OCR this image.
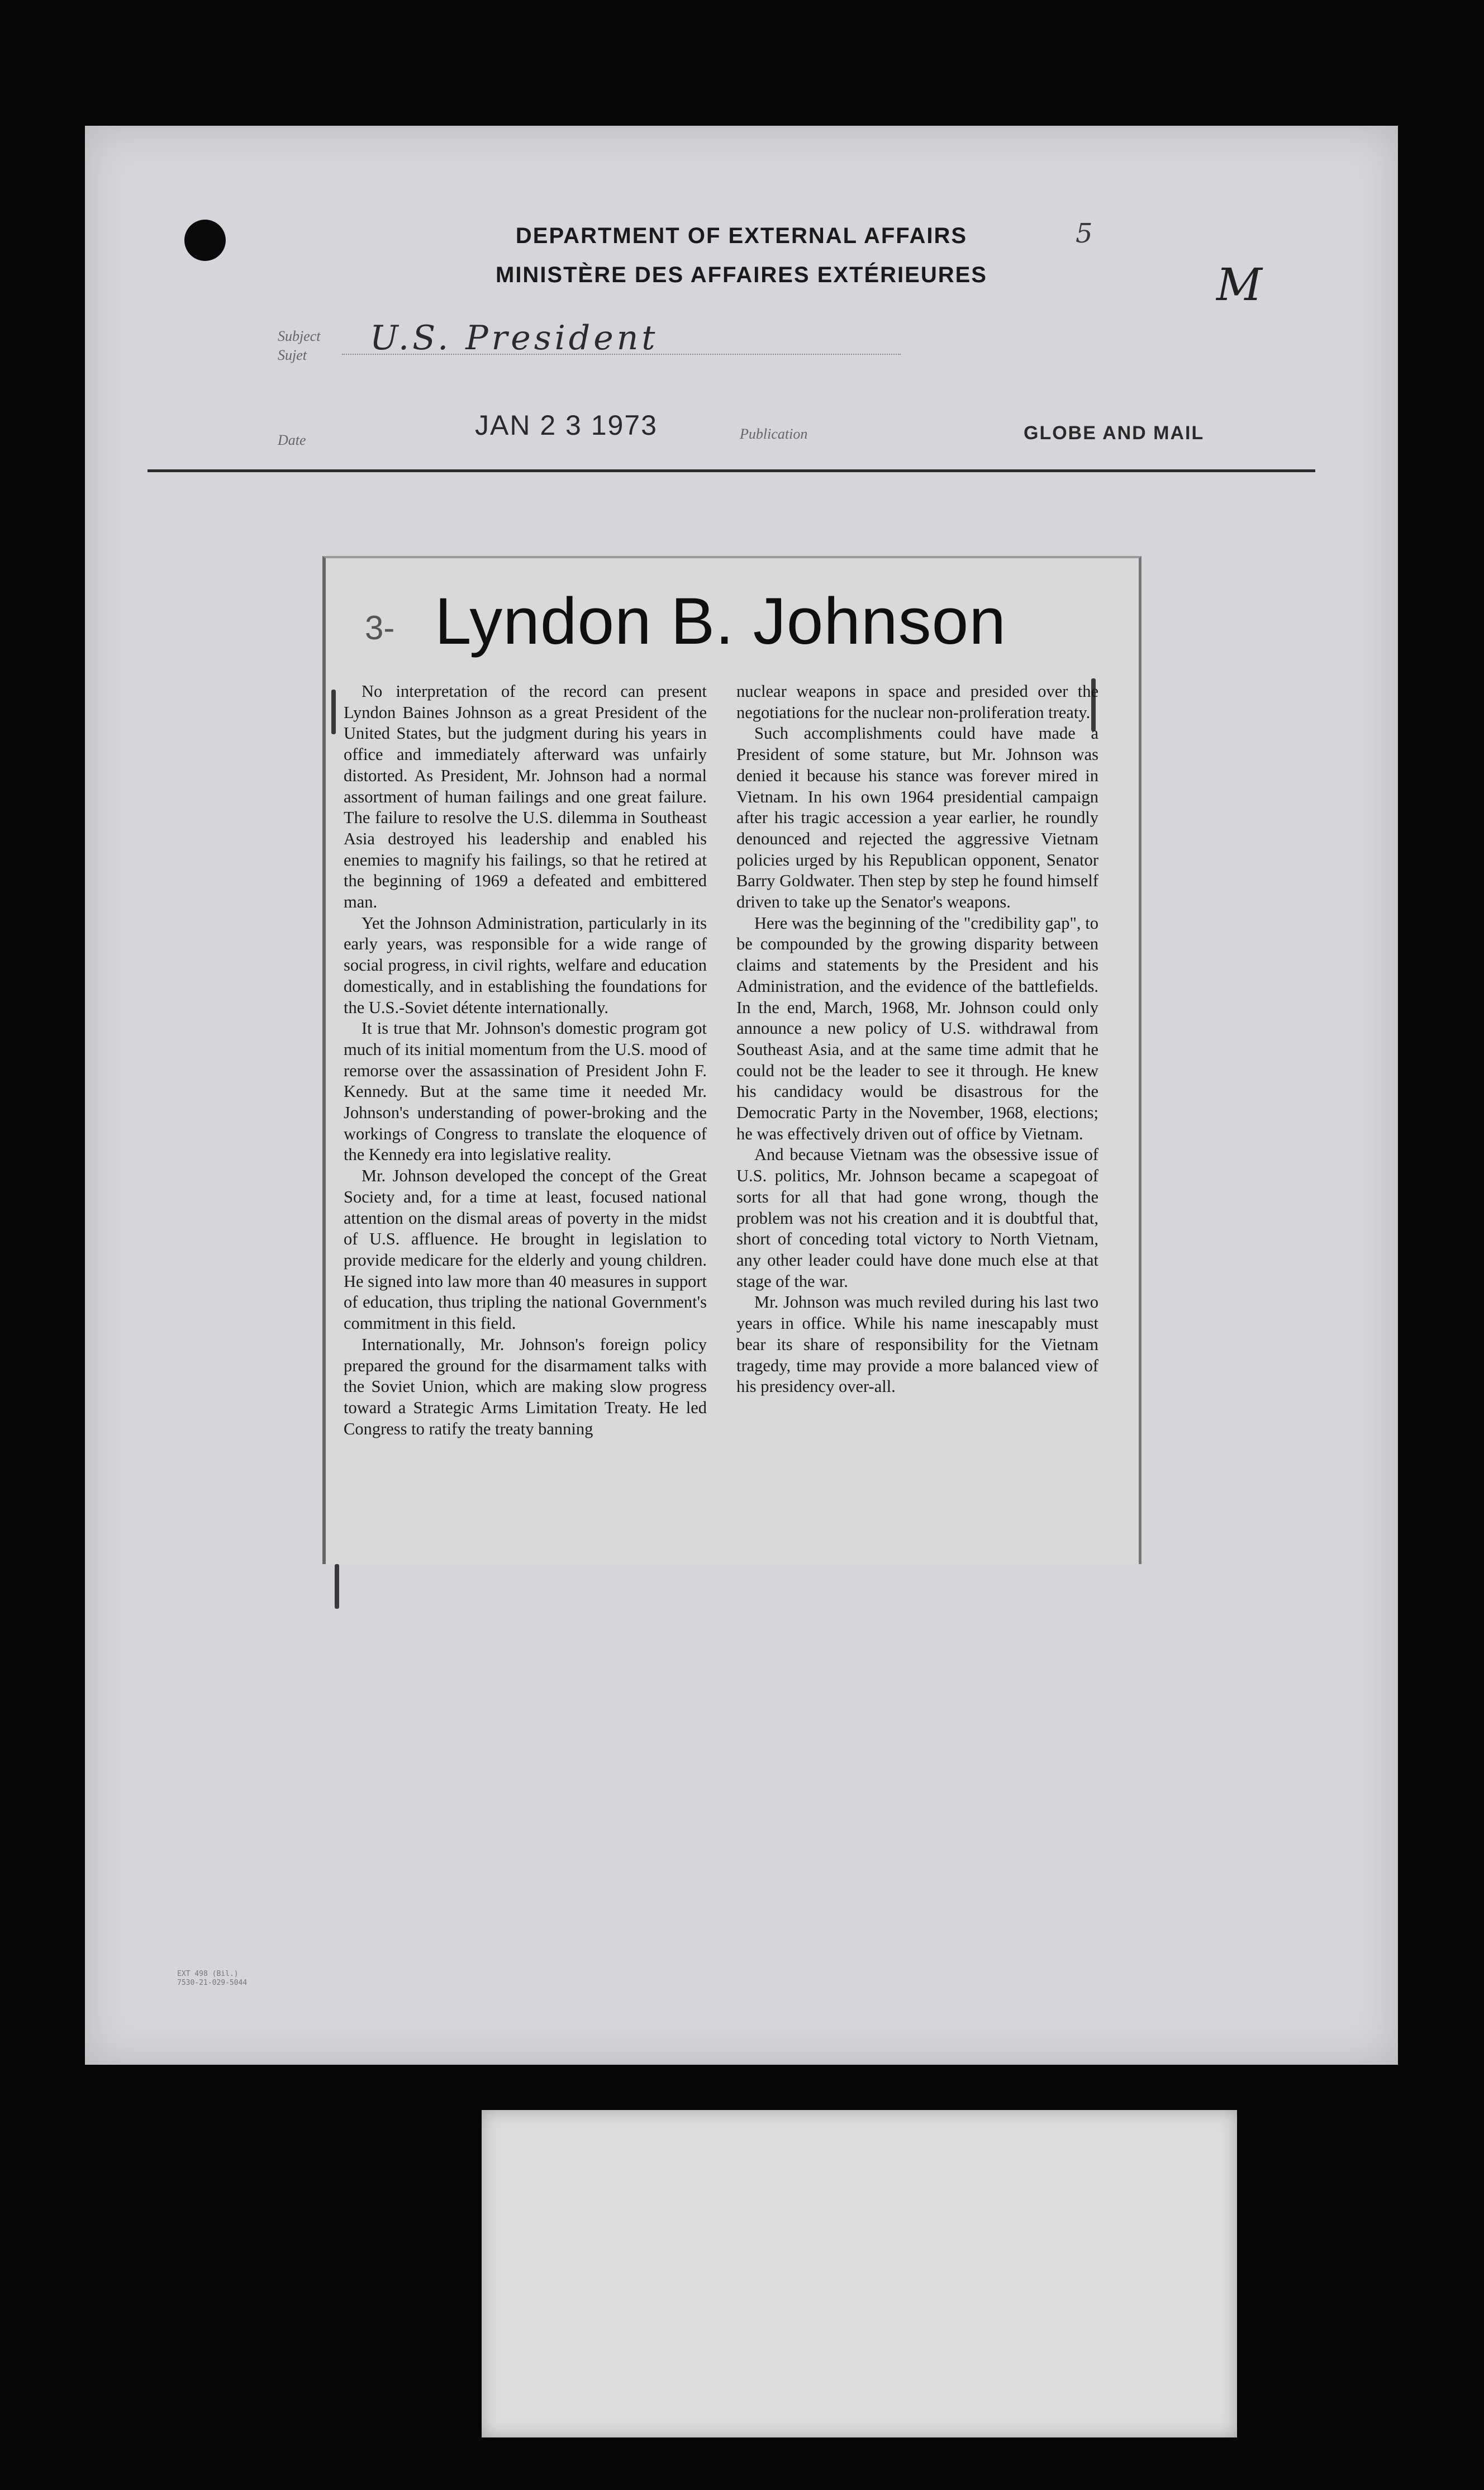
DEPARTMENT OF EXTERNAL AFFAIRS
MINISTÈRE DES AFFAIRES EXTÉRIEURES
5
M
Subject
Sujet U.S. President
Date	JAN 2 3 1973	Publication	GLOBE AND MAIL
3- Lyndon B. Johnson

No interpretation of the record can present Lyndon Baines Johnson as a great President of the United States, but the judgment during his years in office and immediately afterward was unfairly distorted. As President, Mr. Johnson had a normal assortment of human failings and one great failure. The failure to resolve the U.S. dilemma in Southeast Asia destroyed his leadership and enabled his enemies to magnify his failings, so that he retired at the beginning of 1969 a defeated and embittered man.

Yet the Johnson Administration, particularly in its early years, was responsible for a wide range of social progress, in civil rights, welfare and education domestically, and in establishing the foundations for the U.S.-Soviet détente internationally.

It is true that Mr. Johnson's domestic program got much of its initial momentum from the U.S. mood of remorse over the assassination of President John F. Kennedy. But at the same time it needed Mr. Johnson's understanding of power-broking and the workings of Congress to translate the eloquence of the Kennedy era into legislative reality.

Mr. Johnson developed the concept of the Great Society and, for a time at least, focused national attention on the dismal areas of poverty in the midst of U.S. affluence. He brought in legislation to provide medicare for the elderly and young children. He signed into law more than 40 measures in support of education, thus tripling the national Government's commitment in this field.

Internationally, Mr. Johnson's foreign policy prepared the ground for the disarmament talks with the Soviet Union, which are making slow progress toward a Strategic Arms Limitation Treaty. He led Congress to ratify the treaty banning

nuclear weapons in space and presided over the negotiations for the nuclear non-proliferation treaty.

Such accomplishments could have made a President of some stature, but Mr. Johnson was denied it because his stance was forever mired in Vietnam. In his own 1964 presidential campaign after his tragic accession a year earlier, he roundly denounced and rejected the aggressive Vietnam policies urged by his Republican opponent, Senator Barry Goldwater. Then step by step he found himself driven to take up the Senator's weapons.

Here was the beginning of the "credibility gap", to be compounded by the growing disparity between claims and statements by the President and his Administration, and the evidence of the battlefields. In the end, March, 1968, Mr. Johnson could only announce a new policy of U.S. withdrawal from Southeast Asia, and at the same time admit that he could not be the leader to see it through. He knew his candidacy would be disastrous for the Democratic Party in the November, 1968, elections; he was effectively driven out of office by Vietnam.

And because Vietnam was the obsessive issue of U.S. politics, Mr. Johnson became a scapegoat of sorts for all that had gone wrong, though the problem was not his creation and it is doubtful that, short of conceding total victory to North Vietnam, any other leader could have done much else at that stage of the war.

Mr. Johnson was much reviled during his last two years in office. While his name inescapably must bear its share of responsibility for the Vietnam tragedy, time may provide a more balanced view of his presidency over-all.

EXT 498 (Bil.)
7530-21-029-5044
